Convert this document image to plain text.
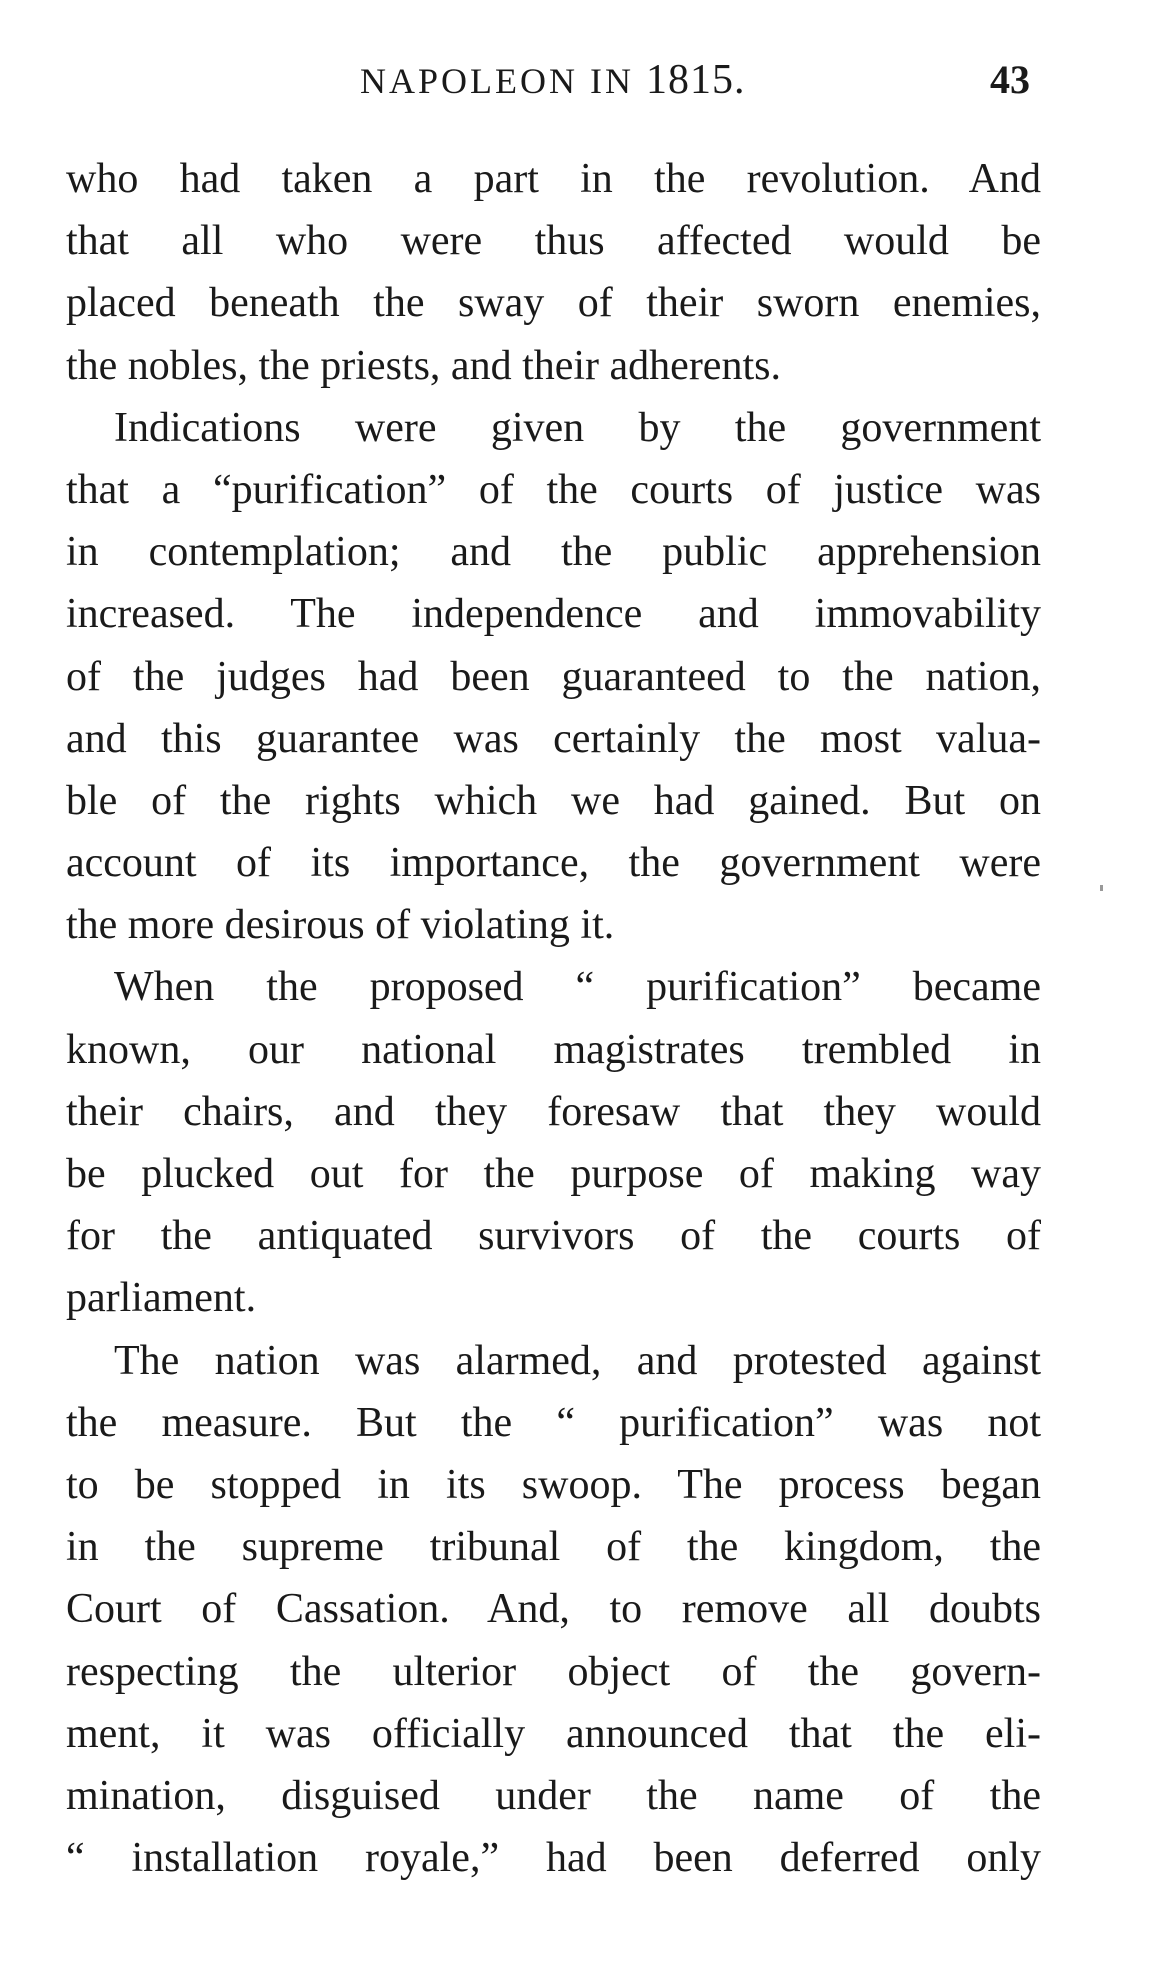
NAPOLEON IN 1815.	43
who had taken a part in the revolution. And
that all who were thus affected would be
placed beneath the sway of their sworn enemies,
the nobles, the priests, and their adherents.
Indications were given by the government
that a “purification” of the courts of justice was
in contemplation; and the public apprehension
increased. The independence and immovability
of the judges had been guaranteed to the nation,
and this guarantee was certainly the most valua-
ble of the rights which we had gained. But on
account of its importance, the government were
the more desirous of violating it.
When the proposed “ purification” became
known, our national magistrates trembled in
their chairs, and they foresaw that they would
be plucked out for the purpose of making way
for the antiquated survivors of the courts of
parliament.
The nation was alarmed, and protested against
the measure. But the “ purification” was not
to be stopped in its swoop. The process began
in the supreme tribunal of the kingdom, the
Court of Cassation. And, to remove all doubts
respecting the ulterior object of the govern-
ment, it was officially announced that the eli-
mination, disguised under the name of the
“ installation royale,” had been deferred only
